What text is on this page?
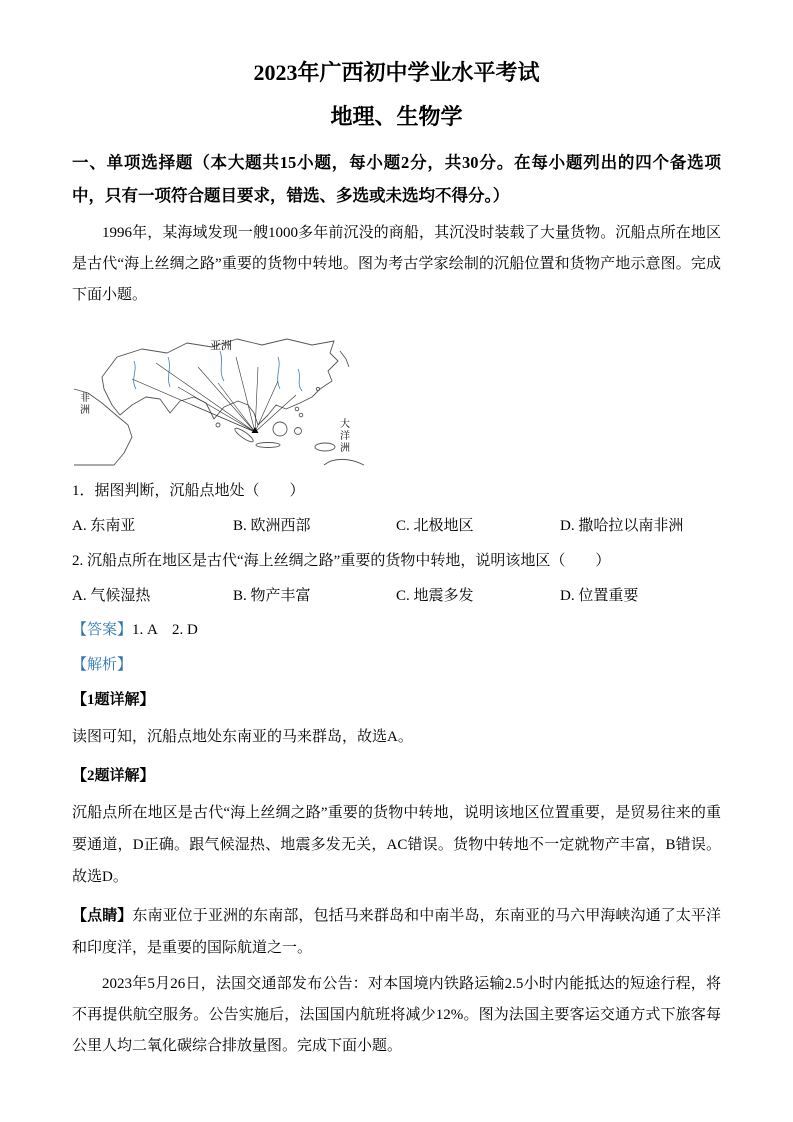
2023年广西初中学业水平考试
地理、生物学

一、单项选择题（本大题共15小题，每小题2分，共30分。在每小题列出的四个备选项中，只有一项符合题目要求，错选、多选或未选均不得分。）

1996年，某海域发现一艘1000多年前沉没的商船，其沉没时装载了大量货物。沉船点所在地区是古代“海上丝绸之路”重要的货物中转地。图为考古学家绘制的沉船位置和货物产地示意图。完成下面小题。

亚洲
非
洲
大
洋
洲

1．据图判断，沉船点地处（　　）

A. 东南亚	B. 欧洲西部	C. 北极地区	D. 撒哈拉以南非洲

2. 沉船点所在地区是古代“海上丝绸之路”重要的货物中转地，说明该地区（　　）

A. 气候湿热	B. 物产丰富	C. 地震多发	D. 位置重要

【答案】1. A    2. D

【解析】

【1题详解】

读图可知，沉船点地处东南亚的马来群岛，故选A。

【2题详解】

沉船点所在地区是古代“海上丝绸之路”重要的货物中转地，说明该地区位置重要，是贸易往来的重要通道，D正确。跟气候湿热、地震多发无关，AC错误。货物中转地不一定就物产丰富，B错误。故选D。

【点睛】东南亚位于亚洲的东南部，包括马来群岛和中南半岛，东南亚的马六甲海峡沟通了太平洋和印度洋，是重要的国际航道之一。

2023年5月26日，法国交通部发布公告：对本国境内铁路运输2.5小时内能抵达的短途行程，将不再提供航空服务。公告实施后，法国国内航班将减少12%。图为法国主要客运交通方式下旅客每公里人均二氧化碳综合排放量图。完成下面小题。
